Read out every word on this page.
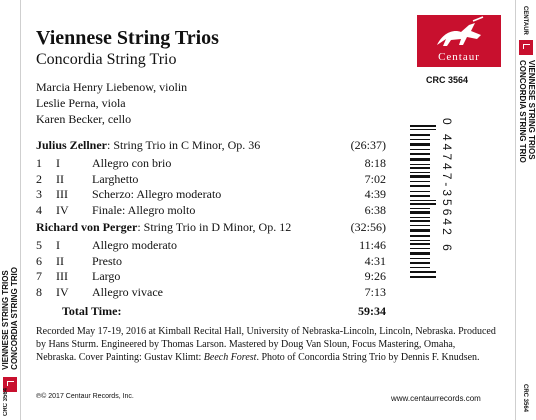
VIENNESE STRING TRIOS
CONCORDIA STRING TRIO
CRC 3564
CENTAUR
VIENNESE STRING TRIOS
CONCORDIA STRING TRIO
CRC 3564
Viennese String Trios
Concordia String Trio
Marcia Henry Liebenow, violin
Leslie Perna, viola
Karen Becker, cello
Centaur
CRC 3564
Julius Zellner: String Trio in C Minor, Op. 36	(26:37)
1 I	Allegro con brio	8:18
2 II Larghetto	7:02
3 III Scherzo: Allegro moderato	4:39
4 IV Finale: Allegro molto	6:38
Richard von Perger: String Trio in D Minor, Op. 12	(32:56)
5 I	Allegro moderato	11:46
6 II Presto	4:31
7 III Largo	9:26
8 IV Allegro vivace	7:13
Total Time:	59:34
0 44747-35642 6
Recorded May 17-19, 2016 at Kimball Recital Hall, University of Nebraska-Lincoln, Lincoln, Nebraska. Produced by Hans Sturm. Engineered by Thomas Larson. Mastered by Doug Van Sloun, Focus Mastering, Omaha, Nebraska. Cover Painting: Gustav Klimt: Beech Forest. Photo of Concordia String Trio by Dennis F. Knudsen.
℗© 2017 Centaur Records, Inc.	www.centaurrecords.com
